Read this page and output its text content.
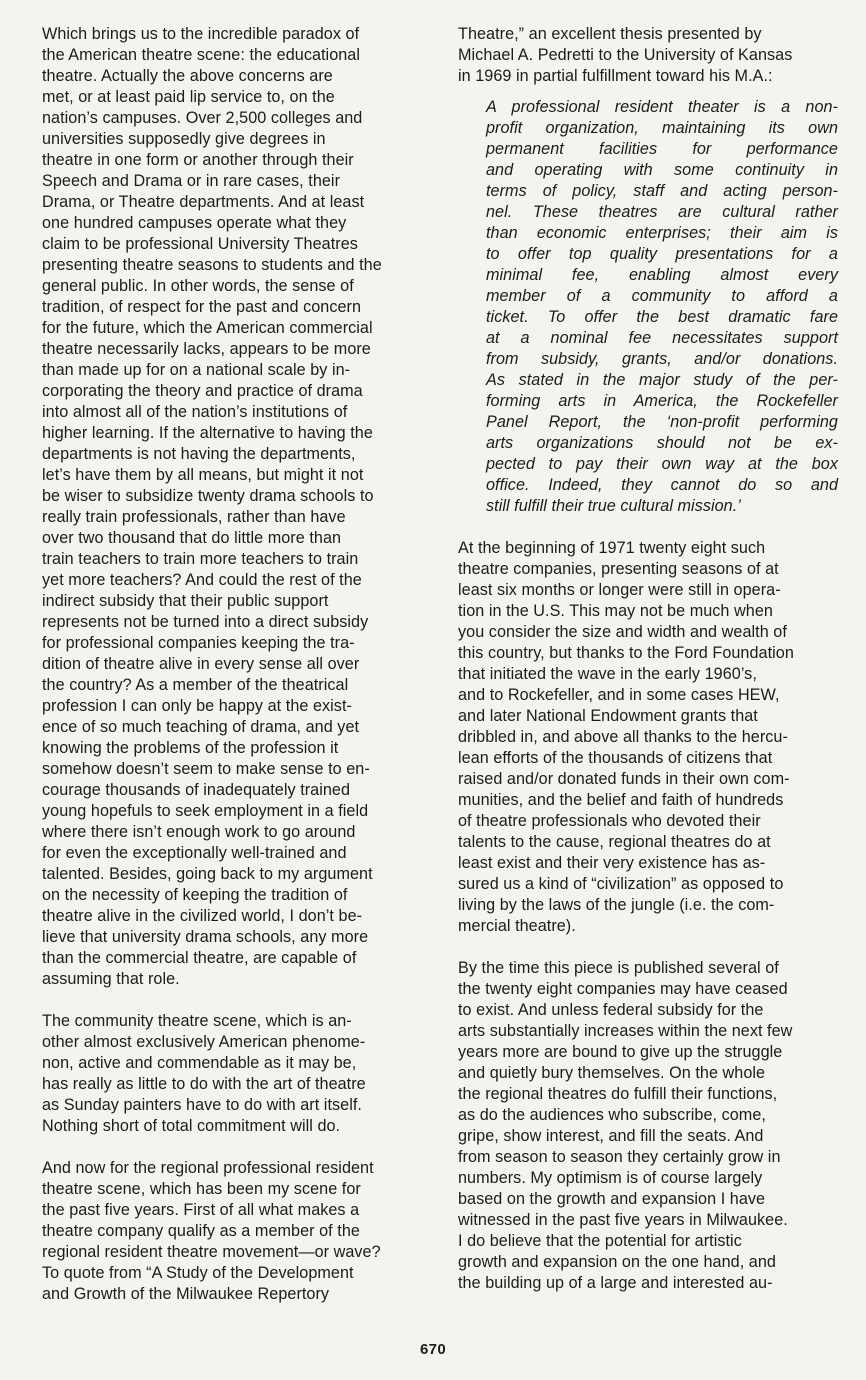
Which brings us to the incredible paradox of
the American theatre scene: the educational
theatre. Actually the above concerns are
met, or at least paid lip service to, on the
nation’s campuses. Over 2,500 colleges and
universities supposedly give degrees in
theatre in one form or another through their
Speech and Drama or in rare cases, their
Drama, or Theatre departments. And at least
one hundred campuses operate what they
claim to be professional University Theatres
presenting theatre seasons to students and the
general public. In other words, the sense of
tradition, of respect for the past and concern
for the future, which the American commercial
theatre necessarily lacks, appears to be more
than made up for on a national scale by in-
corporating the theory and practice of drama
into almost all of the nation’s institutions of
higher learning. If the alternative to having the
departments is not having the departments,
let’s have them by all means, but might it not
be wiser to subsidize twenty drama schools to
really train professionals, rather than have
over two thousand that do little more than
train teachers to train more teachers to train
yet more teachers? And could the rest of the
indirect subsidy that their public support
represents not be turned into a direct subsidy
for professional companies keeping the tra-
dition of theatre alive in every sense all over
the country? As a member of the theatrical
profession I can only be happy at the exist-
ence of so much teaching of drama, and yet
knowing the problems of the profession it
somehow doesn’t seem to make sense to en-
courage thousands of inadequately trained
young hopefuls to seek employment in a field
where there isn’t enough work to go around
for even the exceptionally well-trained and
talented. Besides, going back to my argument
on the necessity of keeping the tradition of
theatre alive in the civilized world, I don’t be-
lieve that university drama schools, any more
than the commercial theatre, are capable of
assuming that role.

The community theatre scene, which is an-
other almost exclusively American phenome-
non, active and commendable as it may be,
has really as little to do with the art of theatre
as Sunday painters have to do with art itself.
Nothing short of total commitment will do.

And now for the regional professional resident
theatre scene, which has been my scene for
the past five years. First of all what makes a
theatre company qualify as a member of the
regional resident theatre movement—or wave?
To quote from “A Study of the Development
and Growth of the Milwaukee Repertory

Theatre,” an excellent thesis presented by
Michael A. Pedretti to the University of Kansas
in 1969 in partial fulfillment toward his M.A.:

A professional resident theater is a non-
profit organization, maintaining its own
permanent facilities for performance
and operating with some continuity in
terms of policy, staff and acting person-
nel. These theatres are cultural rather
than economic enterprises; their aim is
to offer top quality presentations for a
minimal fee, enabling almost every
member of a community to afford a
ticket. To offer the best dramatic fare
at a nominal fee necessitates support
from subsidy, grants, and/or donations.
As stated in the major study of the per-
forming arts in America, the Rockefeller
Panel Report, the ‘non-profit performing
arts organizations should not be ex-
pected to pay their own way at the box
office. Indeed, they cannot do so and
still fulfill their true cultural mission.’

At the beginning of 1971 twenty eight such
theatre companies, presenting seasons of at
least six months or longer were still in opera-
tion in the U.S. This may not be much when
you consider the size and width and wealth of
this country, but thanks to the Ford Foundation
that initiated the wave in the early 1960’s,
and to Rockefeller, and in some cases HEW,
and later National Endowment grants that
dribbled in, and above all thanks to the hercu-
lean efforts of the thousands of citizens that
raised and/or donated funds in their own com-
munities, and the belief and faith of hundreds
of theatre professionals who devoted their
talents to the cause, regional theatres do at
least exist and their very existence has as-
sured us a kind of “civilization” as opposed to
living by the laws of the jungle (i.e. the com-
mercial theatre).

By the time this piece is published several of
the twenty eight companies may have ceased
to exist. And unless federal subsidy for the
arts substantially increases within the next few
years more are bound to give up the struggle
and quietly bury themselves. On the whole
the regional theatres do fulfill their functions,
as do the audiences who subscribe, come,
gripe, show interest, and fill the seats. And
from season to season they certainly grow in
numbers. My optimism is of course largely
based on the growth and expansion I have
witnessed in the past five years in Milwaukee.
I do believe that the potential for artistic
growth and expansion on the one hand, and
the building up of a large and interested au-

670
